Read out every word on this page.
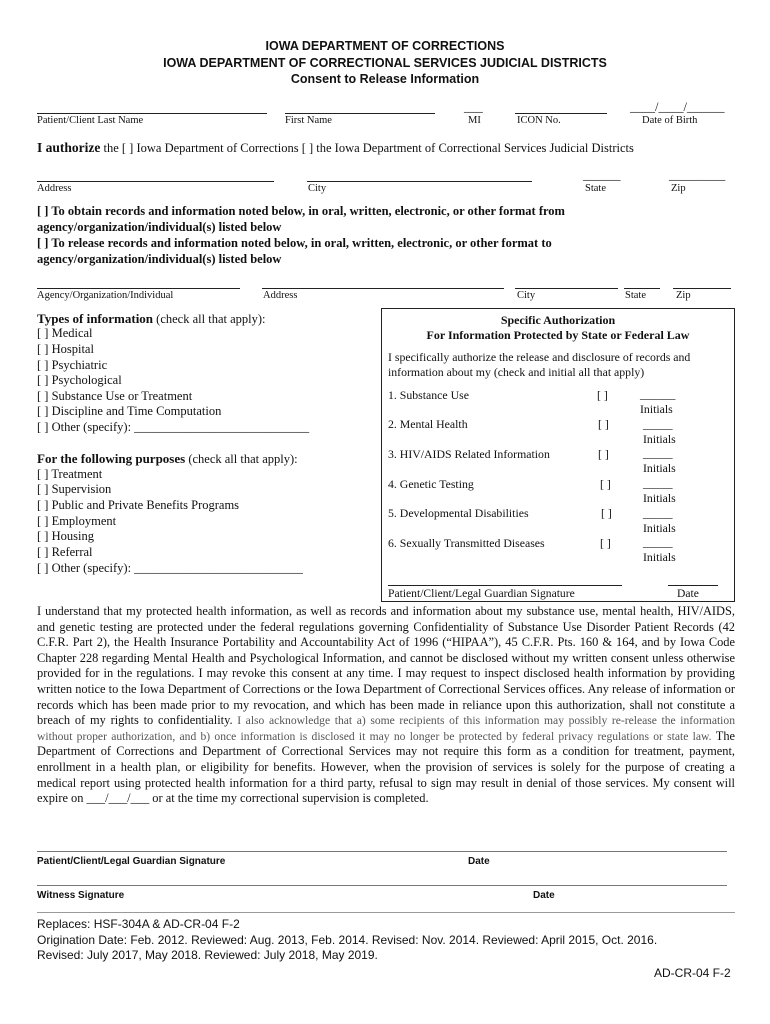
IOWA DEPARTMENT OF CORRECTIONS
IOWA DEPARTMENT OF CORRECTIONAL SERVICES JUDICIAL DISTRICTS
Consent to Release Information
___	____/____/______
Patient/Client Last Name	First Name	MI	ICON No.	Date of Birth
I authorize the [ ] Iowa Department of Corrections [ ] the Iowa Department of Correctional Services Judicial Districts
______	_________
Address	City	State	Zip
[ ] To obtain records and information noted below, in oral, written, electronic, or other format from
agency/organization/individual(s) listed below
[ ] To release records and information noted below, in oral, written, electronic, or other format to
agency/organization/individual(s) listed below
Agency/Organization/Individual	Address	City	State	Zip
Types of information (check all that apply):
[ ] Medical
[ ] Hospital
[ ] Psychiatric
[ ] Psychological
[ ] Substance Use or Treatment
[ ] Discipline and Time Computation
[ ] Other (specify): ____________________________
For the following purposes (check all that apply):
[ ] Treatment
[ ] Supervision
[ ] Public and Private Benefits Programs
[ ] Employment
[ ] Housing
[ ] Referral
[ ] Other (specify): ___________________________
Specific Authorization
For Information Protected by State or Federal Law
I specifically authorize the release and disclosure of records and
information about my (check and initial all that apply)
1. Substance Use	[ ]	______
Initials
2. Mental Health	[ ]	_____
Initials
3. HIV/AIDS Related Information	[ ]	_____
Initials
4. Genetic Testing	[ ]	_____
Initials
5. Developmental Disabilities	[ ]	_____
Initials
6. Sexually Transmitted Diseases	[ ]	_____
Initials
Patient/Client/Legal Guardian Signature	Date
I understand that my protected health information, as well as records and information about my substance use, mental health, HIV/AIDS, and genetic testing are protected under the federal regulations governing Confidentiality of Substance Use Disorder Patient Records (42 C.F.R. Part 2), the Health Insurance Portability and Accountability Act of 1996 (“HIPAA”), 45 C.F.R. Pts. 160 & 164, and by Iowa Code Chapter 228 regarding Mental Health and Psychological Information, and cannot be disclosed without my written consent unless otherwise provided for in the regulations. I may revoke this consent at any time. I may request to inspect disclosed health information by providing written notice to the Iowa Department of Corrections or the Iowa Department of Correctional Services offices. Any release of information or records which has been made prior to my revocation, and which has been made in reliance upon this authorization, shall not constitute a breach of my rights to confidentiality. I also acknowledge that a) some recipients of this information may possibly re-release the information without proper authorization, and b) once information is disclosed it may no longer be protected by federal privacy regulations or state law. The Department of Corrections and Department of Correctional Services may not require this form as a condition for treatment, payment, enrollment in a health plan, or eligibility for benefits. However, when the provision of services is solely for the purpose of creating a medical report using protected health information for a third party, refusal to sign may result in denial of those services. My consent will expire on ___/___/___ or at the time my correctional supervision is completed.
Patient/Client/Legal Guardian Signature	Date
Witness Signature	Date
Replaces: HSF-304A & AD-CR-04 F-2
Origination Date: Feb. 2012. Reviewed: Aug. 2013, Feb. 2014. Revised: Nov. 2014. Reviewed: April 2015, Oct. 2016.
Revised: July 2017, May 2018. Reviewed: July 2018, May 2019.
AD-CR-04 F-2
